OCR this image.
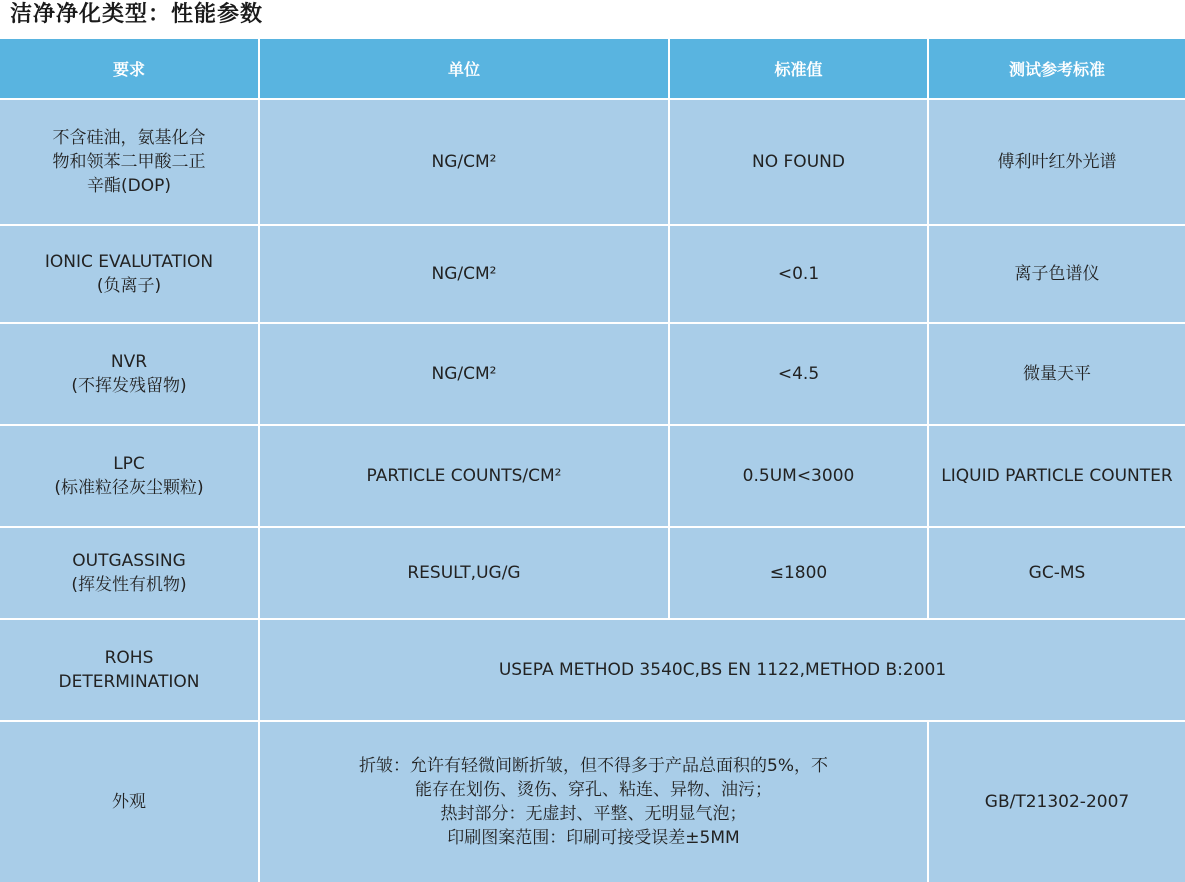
洁净净化类型：性能参数
要求	单位	标准值	测试参考标准

不含硅油，氨基化合
物和领苯二甲酸二正
辛酯(DOP)	NG/CM²	NO FOUND	傅利叶红外光谱

IONIC EVALUTATION
(负离子)	NG/CM²	<0.1	离子色谱仪

NVR
(不挥发残留物)	NG/CM²	<4.5	微量天平

LPC
(标准粒径灰尘颗粒)	PARTICLE COUNTS/CM²	0.5UM<3000	LIQUID PARTICLE COUNTER

OUTGASSING
(挥发性有机物)	RESULT,UG/G	≤1800	GC-MS

ROHS
DETERMINATION	USEPA METHOD 3540C,BS EN 1122,METHOD B:2001		

外观	折皱：允许有轻微间断折皱，但不得多于产品总面积的5%，不
能存在划伤、烫伤、穿孔、粘连、异物、油污；
热封部分：无虚封、平整、无明显气泡；
印刷图案范围：印刷可接受误差±5MM		GB/T21302-2007
